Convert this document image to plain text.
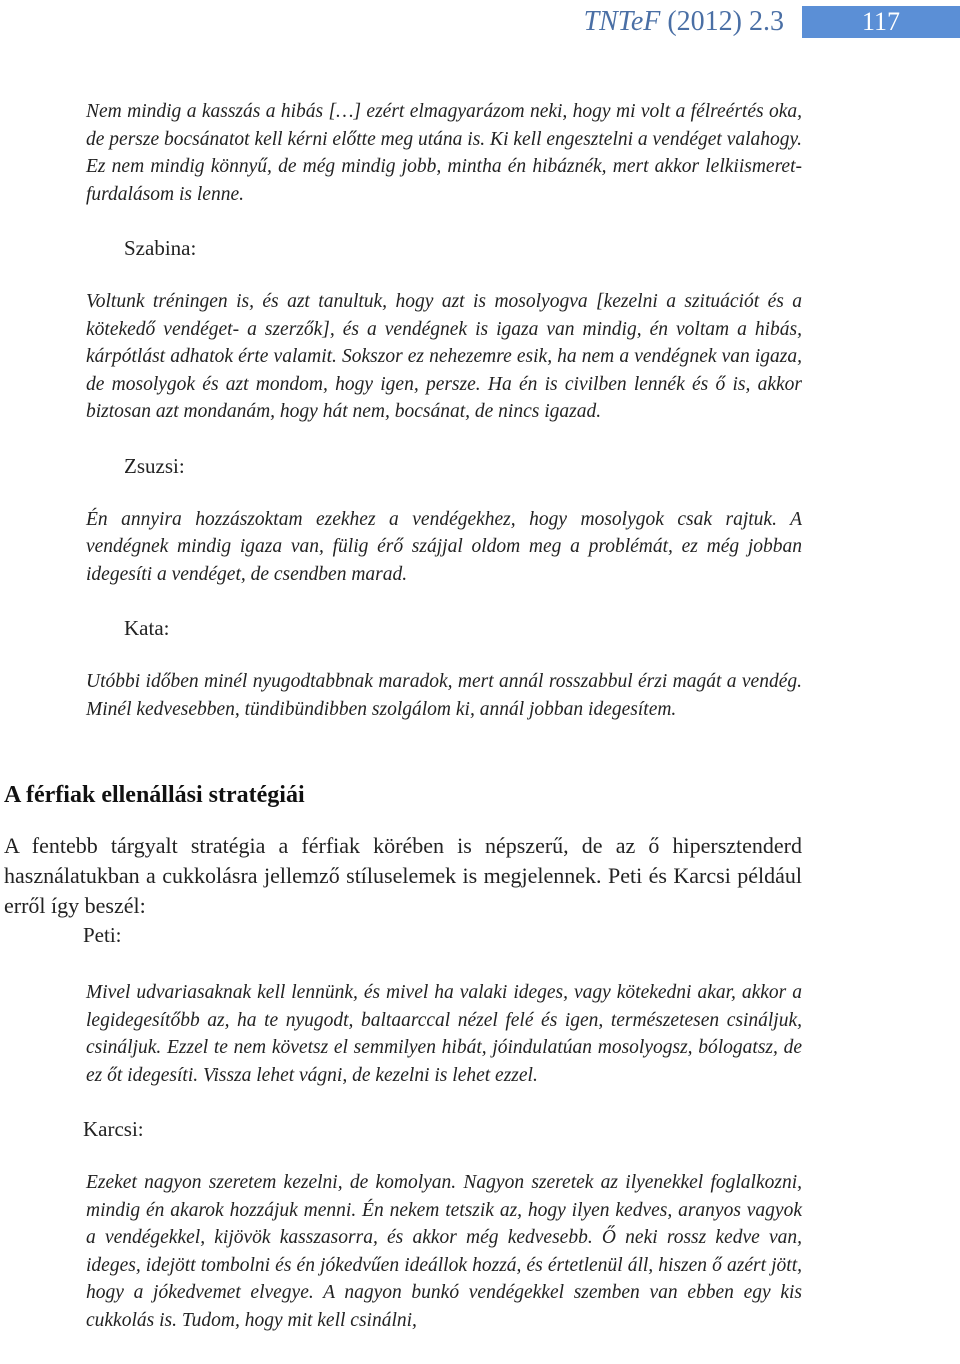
TNTeF (2012) 2.3	117

Nem mindig a kasszás a hibás […] ezért elmagyarázom neki, hogy mi volt a félreértés oka, de persze bocsánatot kell kérni előtte meg utána is. Ki kell engesztelni a vendéget valahogy. Ez nem mindig könnyű, de még mindig jobb, mintha én hibáznék, mert akkor lelkiismeret-furdalásom is lenne.

Szabina:

Voltunk tréningen is, és azt tanultuk, hogy azt is mosolyogva [kezelni a szituációt és a kötekedő vendéget- a szerzők], és a vendégnek is igaza van mindig, én voltam a hibás, kárpótlást adhatok érte valamit. Sokszor ez nehezemre esik, ha nem a vendégnek van igaza, de mosolygok és azt mondom, hogy igen, persze. Ha én is civilben lennék és ő is, akkor biztosan azt mondanám, hogy hát nem, bocsánat, de nincs igazad.

Zsuzsi:

Én annyira hozzászoktam ezekhez a vendégekhez, hogy mosolygok csak rajtuk. A vendégnek mindig igaza van, fülig érő szájjal oldom meg a problémát, ez még jobban idegesíti a vendéget, de csendben marad.

Kata:

Utóbbi időben minél nyugodtabbnak maradok, mert annál rosszabbul érzi magát a vendég. Minél kedvesebben, tündibündibben szolgálom ki, annál jobban idegesítem.

A férfiak ellenállási stratégiái

A fentebb tárgyalt stratégia a férfiak körében is népszerű, de az ő hipersztenderd használatukban a cukkolásra jellemző stíluselemek is megjelennek. Peti és Karcsi például erről így beszél:

Peti:

Mivel udvariasaknak kell lennünk, és mivel ha valaki ideges, vagy kötekedni akar, akkor a legidegesítőbb az, ha te nyugodt, baltaarccal nézel felé és igen, természetesen csináljuk, csináljuk. Ezzel te nem követsz el semmilyen hibát, jóindulatúan mosolyogsz, bólogatsz, de ez őt idegesíti. Vissza lehet vágni, de kezelni is lehet ezzel.

Karcsi:

Ezeket nagyon szeretem kezelni, de komolyan. Nagyon szeretek az ilyenekkel foglalkozni, mindig én akarok hozzájuk menni. Én nekem tetszik az, hogy ilyen kedves, aranyos vagyok a vendégekkel, kijövök kasszasorra, és akkor még kedvesebb. Ő neki rossz kedve van, ideges, idejött tombolni és én jókedvűen ideállok hozzá, és értetlenül áll, hiszen ő azért jött, hogy a jókedvemet elvegye. A nagyon bunkó vendégekkel szemben van ebben egy kis cukkolás is. Tudom, hogy mit kell csinálni,
